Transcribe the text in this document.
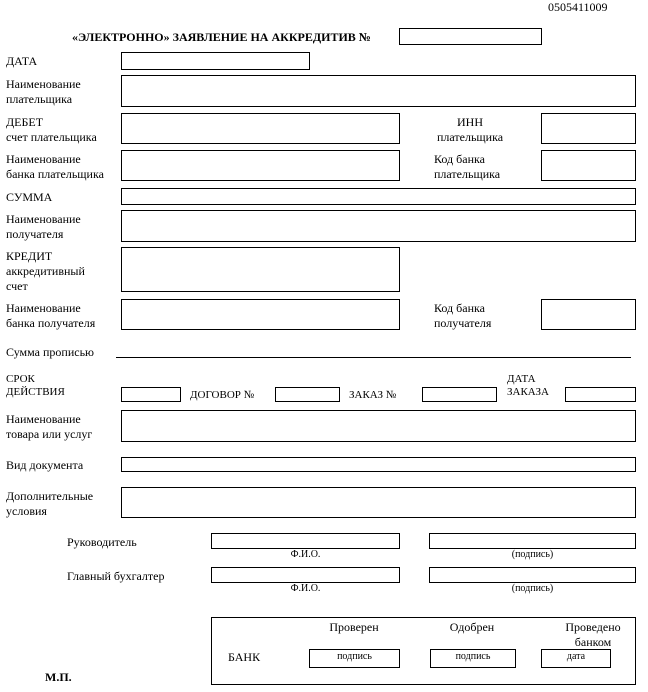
0505411009
«ЭЛЕКТРОННО» ЗАЯВЛЕНИЕ НА АККРЕДИТИВ №
ДАТА
Наименование
плательщика
ДЕБЕТ
счет плательщика
ИНН
плательщика
Наименование
банка плательщика
Код банка
плательщика
СУММА
Наименование
получателя
КРЕДИТ
аккредитивный
счет
Наименование
банка получателя
Код банка
получателя
Сумма прописью
СРОК
ДЕЙСТВИЯ	ДОГОВОР №	ЗАКАЗ №
ДАТА
ЗАКАЗА
Наименование
товара или услуг
Вид документа
Дополнительные
условия
Руководитель
Ф.И.О.	(подпись)
Главный бухгалтер
Ф.И.О.	(подпись)
БАНК
Проверен
подпись
Одобрен
подпись
Проведено
банком
дата
М.П.
